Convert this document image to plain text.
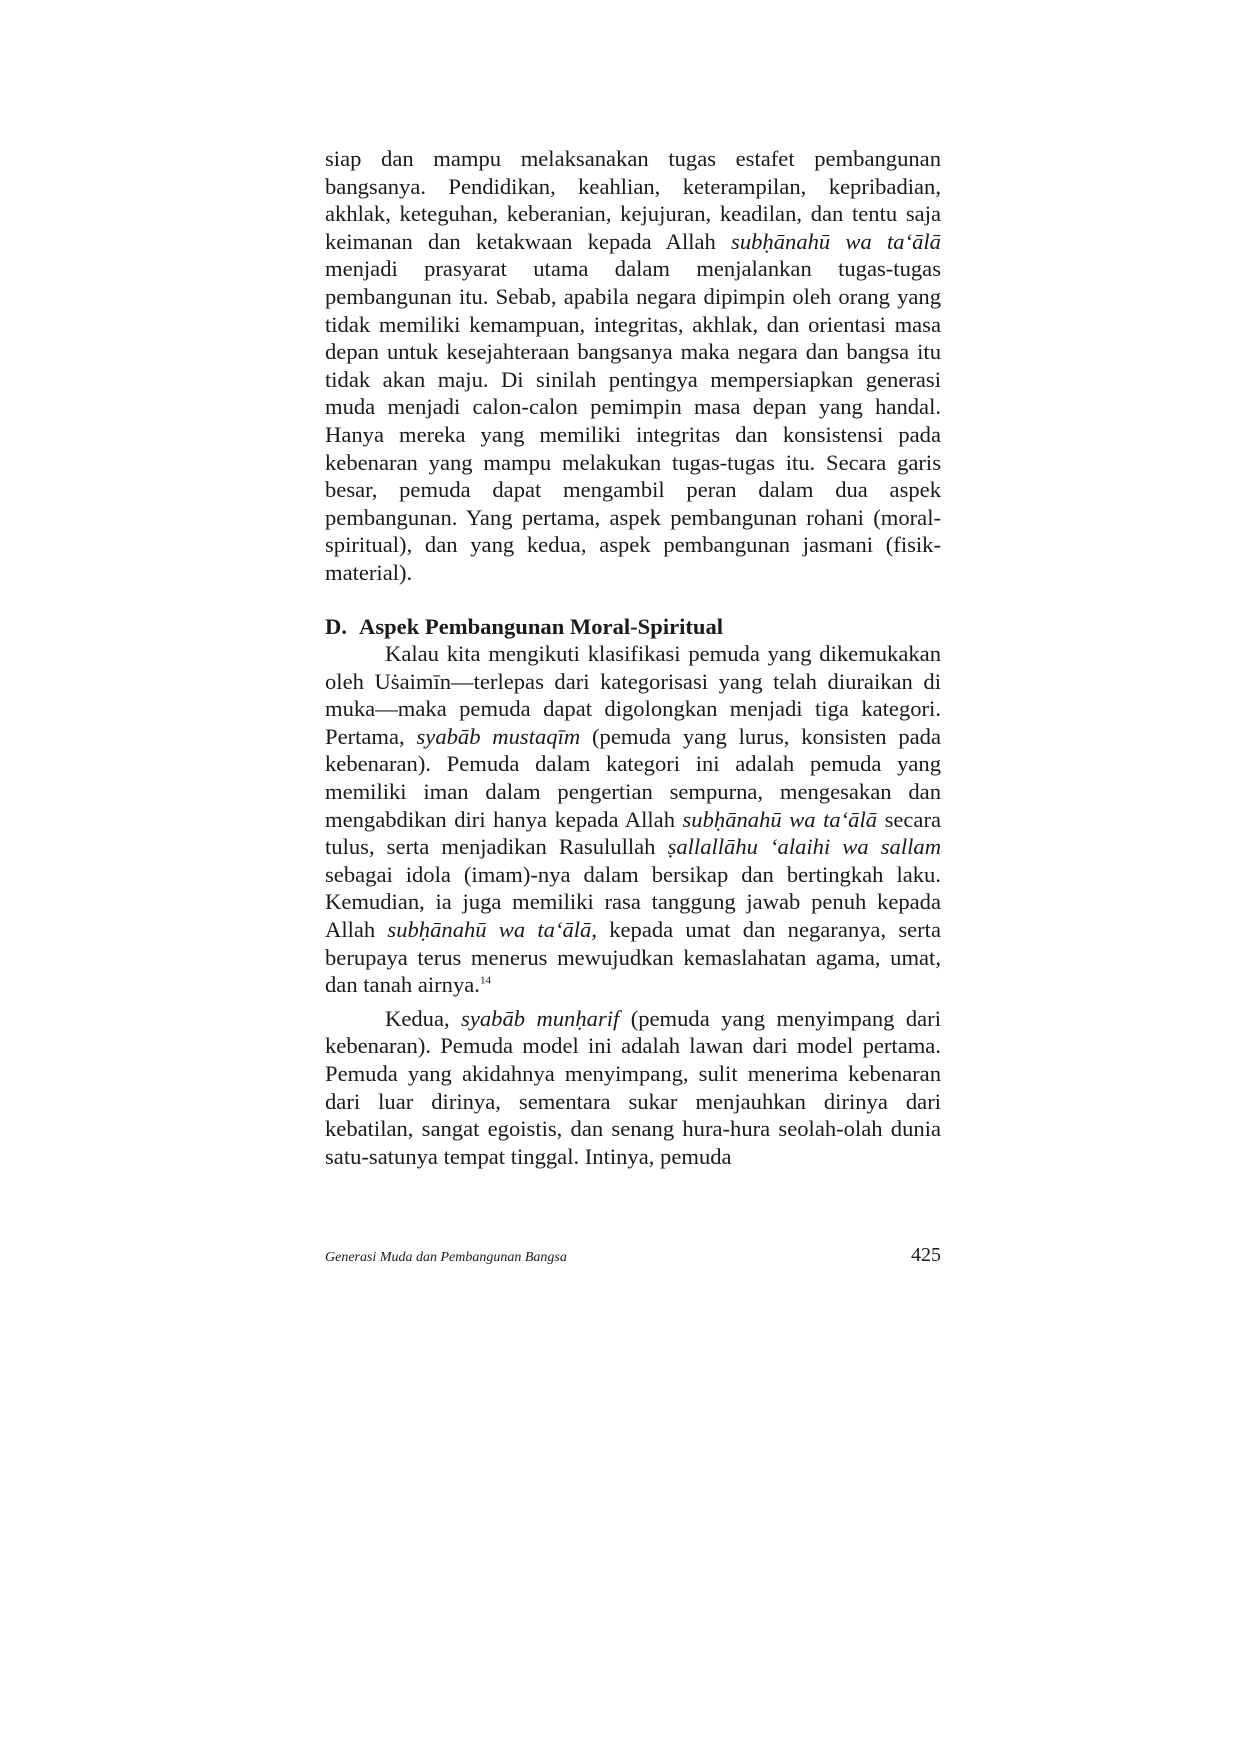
siap dan mampu melaksanakan tugas estafet pembangunan bangsanya. Pendidikan, keahlian, keterampilan, kepribadian, akhlak, keteguhan, keberanian, kejujuran, keadilan, dan tentu saja keimanan dan ketakwaan kepada Allah subḥānahū wa ta‘ālā menjadi prasyarat utama dalam menjalankan tugas-tugas pembangunan itu. Sebab, apabila negara dipimpin oleh orang yang tidak memiliki kemampuan, integritas, akhlak, dan orientasi masa depan untuk kesejahteraan bangsanya maka negara dan bangsa itu tidak akan maju. Di sinilah pentingya mempersiapkan generasi muda menjadi calon-calon pemimpin masa depan yang handal. Hanya mereka yang memiliki integritas dan konsistensi pada kebenaran yang mampu melakukan tugas-tugas itu. Secara garis besar, pemuda dapat mengambil peran dalam dua aspek pembangunan. Yang pertama, aspek pembangunan rohani (moral-spiritual), dan yang kedua, aspek pembangunan jasmani (fisik-material).

D. Aspek Pembangunan Moral-Spiritual

Kalau kita mengikuti klasifikasi pemuda yang dikemukakan oleh Uṡaimīn—terlepas dari kategorisasi yang telah diuraikan di muka—maka pemuda dapat digolongkan menjadi tiga kategori. Pertama, syabāb mustaqīm (pemuda yang lurus, konsisten pada kebenaran). Pemuda dalam kategori ini adalah pemuda yang memiliki iman dalam pengertian sempurna, mengesakan dan mengabdikan diri hanya kepada Allah subḥānahū wa ta‘ālā secara tulus, serta menjadikan Rasulullah ṣallallāhu ‘alaihi wa sallam sebagai idola (imam)-nya dalam bersikap dan bertingkah laku. Kemudian, ia juga memiliki rasa tanggung jawab penuh kepada Allah subḥānahū wa ta‘ālā, kepada umat dan negaranya, serta berupaya terus menerus mewujudkan kemaslahatan agama, umat, dan tanah airnya.$^{14}$

Kedua, syabāb munḥarif (pemuda yang menyimpang dari kebenaran). Pemuda model ini adalah lawan dari model pertama. Pemuda yang akidahnya menyimpang, sulit menerima kebenaran dari luar dirinya, sementara sukar menjauhkan dirinya dari kebatilan, sangat egoistis, dan senang hura-hura seolah-olah dunia satu-satunya tempat tinggal. Intinya, pemuda

Generasi Muda dan Pembangunan Bangsa	425
